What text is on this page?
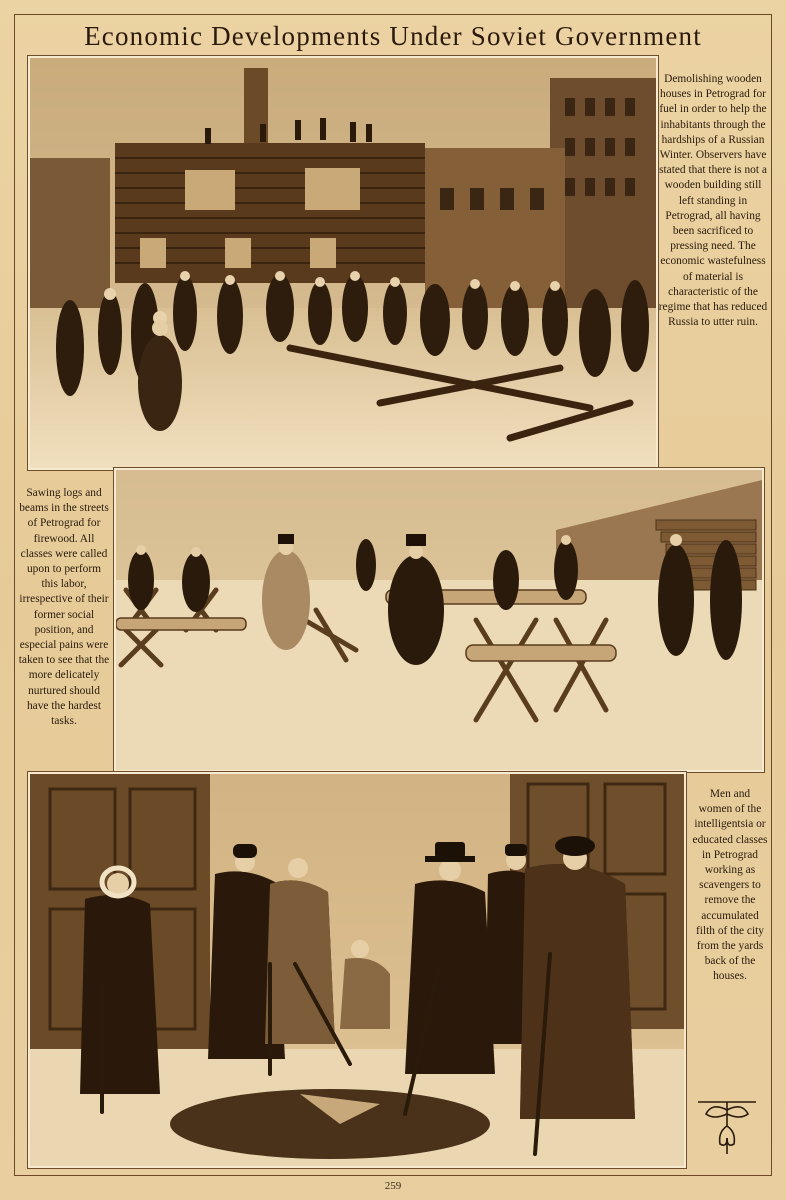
Economic Developments Under Soviet Government
Demolishing wooden houses in Petrograd for fuel in order to help the inhabitants through the hardships of a Russian Winter. Observers have stated that there is not a wooden building still left standing in Petrograd, all having been sacrificed to pressing need. The economic wastefulness of material is characteristic of the regime that has reduced Russia to utter ruin.
Sawing logs and beams in the streets of Petrograd for firewood. All classes were called upon to perform this labor, irrespective of their former social position, and especial pains were taken to see that the more delicately nurtured should have the hardest tasks.
Men and women of the intelligentsia or educated classes in Petrograd working as scavengers to remove the accumulated filth of the city from the yards back of the houses.
259
